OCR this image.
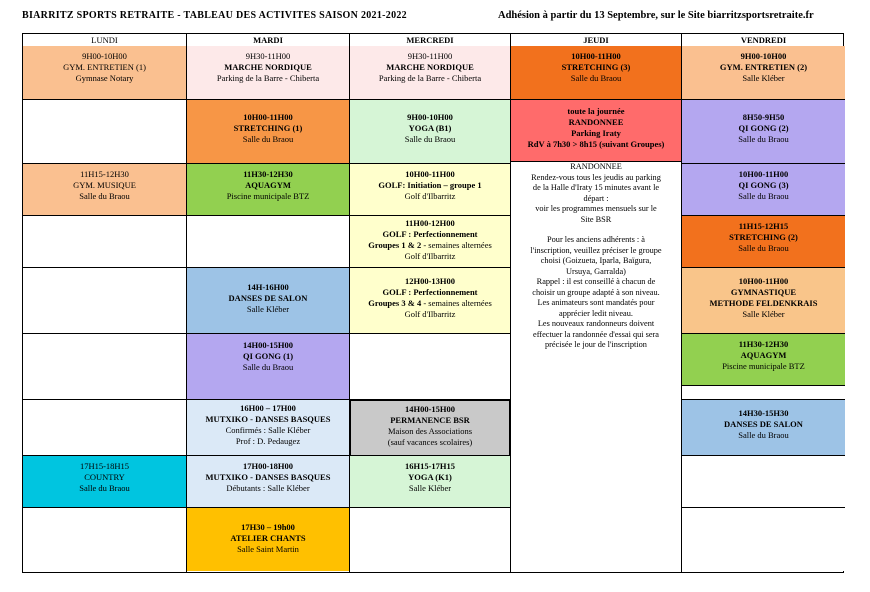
BIARRITZ SPORTS RETRAITE - TABLEAU DES ACTIVITES SAISON 2021-2022	Adhésion à partir du 13 Septembre, sur le Site biarritzsportsretraite.fr
LUNDI
9H00-10H00
GYM. ENTRETIEN (1)
Gymnase Notary
11H15-12H30
GYM. MUSIQUE
Salle du Braou
17H15-18H15
COUNTRY
Salle du Braou
MARDI
9H30-11H00
MARCHE NORDIQUE
Parking de la Barre - Chiberta
10H00-11H00
STRETCHING (1)
Salle du Braou
11H30-12H30
AQUAGYM
Piscine municipale BTZ
14H-16H00
DANSES DE SALON
Salle Kléber
14H00-15H00
QI GONG (1)
Salle du Braou
16H00 – 17H00
MUTXIKO - DANSES BASQUES
Confirmés : Salle Kléber
Prof : D. Pedaugez
17H00-18H00
MUTXIKO - DANSES BASQUES
Débutants : Salle Kléber
17H30 – 19h00
ATELIER CHANTS
Salle Saint Martin
MERCREDI
9H30-11H00
MARCHE NORDIQUE
Parking de la Barre - Chiberta
9H00-10H00
YOGA (B1)
Salle du Braou
10H00-11H00
GOLF: Initiation – groupe 1
Golf d'Ilbarritz
11H00-12H00
GOLF : Perfectionnement
Groupes 1 & 2 - semaines alternées
Golf d'Ilbarritz
12H00-13H00
GOLF : Perfectionnement
Groupes 3 & 4 - semaines alternées
Golf d'Ilbarritz
14H00-15H00
PERMANENCE BSR
Maison des Associations
(sauf vacances scolaires)
16H15-17H15
YOGA (K1)
Salle Kléber
JEUDI
10H00-11H00
STRETCHING (3)
Salle du Braou
toute la journée
RANDONNEE
Parking Iraty
RdV à 7h30 > 8h15 (suivant Groupes)
RANDONNEE
Rendez-vous tous les jeudis au parking
de la Halle d'Iraty 15 minutes avant le
départ :
voir les programmes mensuels sur le
Site BSR
Pour les anciens adhérents : à
l'inscription, veuillez préciser le groupe
choisi (Goizueta, Iparla, Baïgura,
Ursuya, Garralda)
Rappel : il est conseillé à chacun de
choisir un groupe adapté à son niveau.
Les animateurs sont mandatés pour
apprécier ledit niveau.
Les nouveaux randonneurs doivent
effectuer la randonnée d'essai qui sera
précisée le jour de l'inscription
VENDREDI
9H00-10H00
GYM. ENTRETIEN (2)
Salle Kléber
8H50-9H50
QI GONG (2)
Salle du Braou
10H00-11H00
QI GONG (3)
Salle du Braou
11H15-12H15
STRETCHING (2)
Salle du Braou
10H00-11H00
GYMNASTIQUE
METHODE FELDENKRAIS
Salle Kléber
11H30-12H30
AQUAGYM
Piscine municipale BTZ
14H30-15H30
DANSES DE SALON
Salle du Braou
